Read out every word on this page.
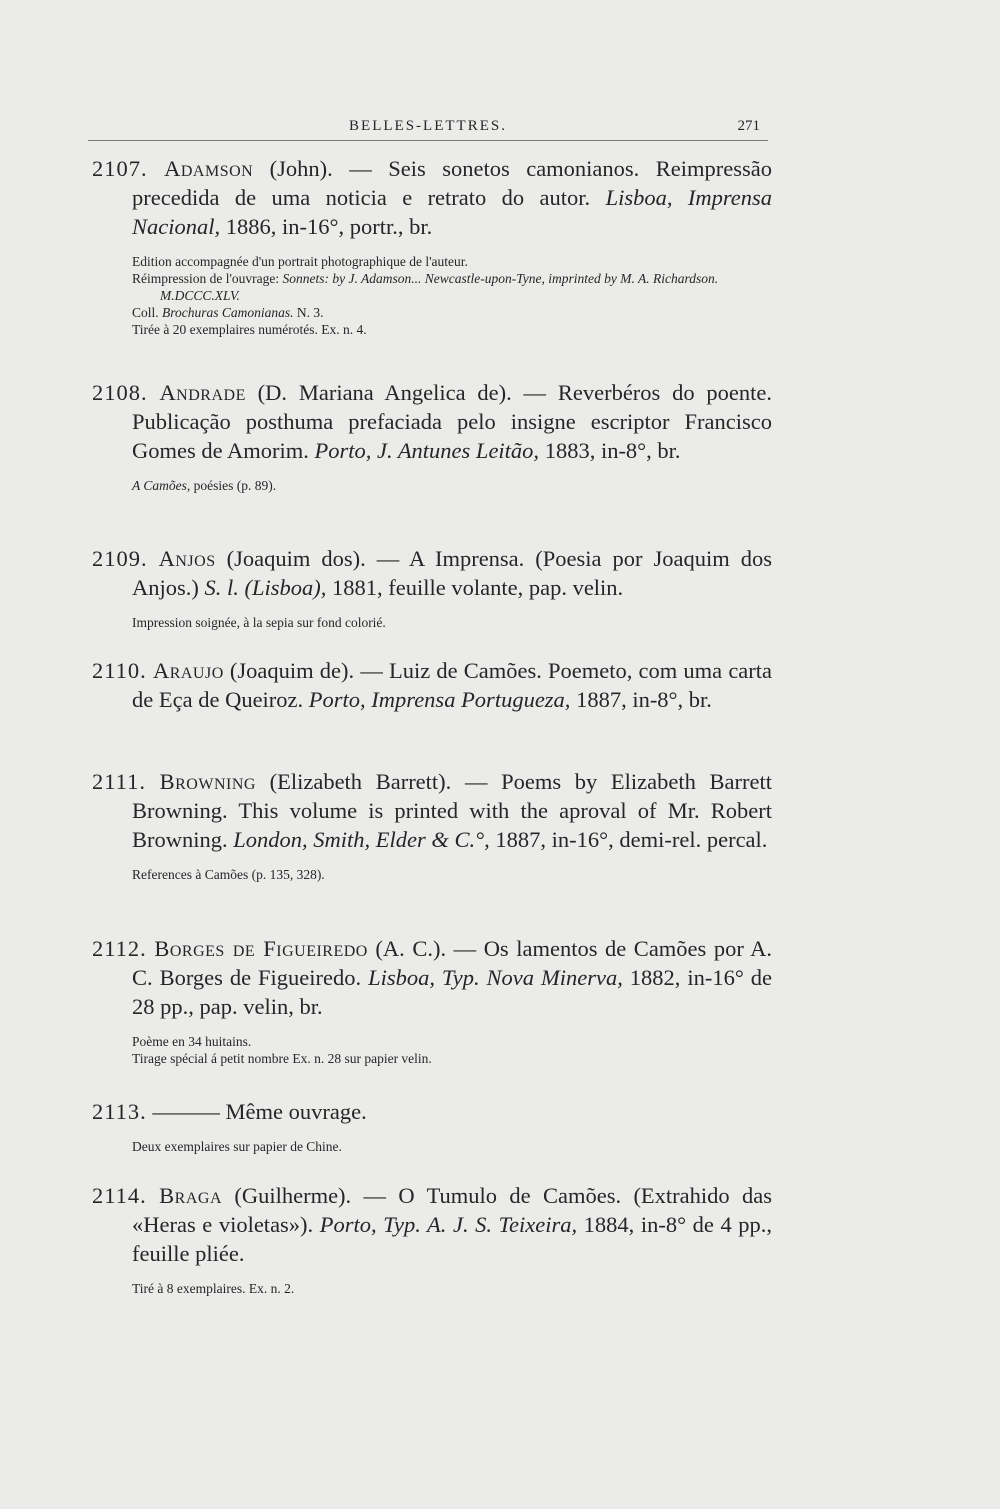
BELLES-LETTRES.	271

2107. Adamson (John). — Seis sonetos camonianos. Reimpressão precedida de uma noticia e retrato do autor. Lisboa, Imprensa Nacional, 1886, in-16°, portr., br.

Edition accompagnée d'un portrait photographique de l'auteur.

Réimpression de l'ouvrage: Sonnets: by J. Adamson... Newcastle-upon-Tyne, imprinted by M. A. Richardson. M.DCCC.XLV.

Coll. Brochuras Camonianas. N. 3.

Tirée à 20 exemplaires numérotés. Ex. n. 4.

2108. Andrade (D. Mariana Angelica de). — Reverbéros do poente. Publicação posthuma prefaciada pelo insigne escriptor Francisco Gomes de Amorim. Porto, J. Antunes Leitão, 1883, in-8°, br.

A Camões, poésies (p. 89).

2109. Anjos (Joaquim dos). — A Imprensa. (Poesia por Joaquim dos Anjos.) S. l. (Lisboa), 1881, feuille volante, pap. velin.

Impression soignée, à la sepia sur fond colorié.

2110. Araujo (Joaquim de). — Luiz de Camões. Poemeto, com uma carta de Eça de Queiroz. Porto, Imprensa Portugueza, 1887, in-8°, br.

2111. Browning (Elizabeth Barrett). — Poems by Elizabeth Barrett Browning. This volume is printed with the aproval of Mr. Robert Browning. London, Smith, Elder & C.°, 1887, in-16°, demi-rel. percal.

References à Camões (p. 135, 328).

2112. Borges de Figueiredo (A. C.). — Os lamentos de Camões por A. C. Borges de Figueiredo. Lisboa, Typ. Nova Minerva, 1882, in-16° de 28 pp., pap. velin, br.

Poème en 34 huitains.

Tirage spécial á petit nombre Ex. n. 28 sur papier velin.

2113. ——— Même ouvrage.

Deux exemplaires sur papier de Chine.

2114. Braga (Guilherme). — O Tumulo de Camões. (Extrahido das «Heras e violetas»). Porto, Typ. A. J. S. Teixeira, 1884, in-8° de 4 pp., feuille pliée.

Tiré à 8 exemplaires. Ex. n. 2.
